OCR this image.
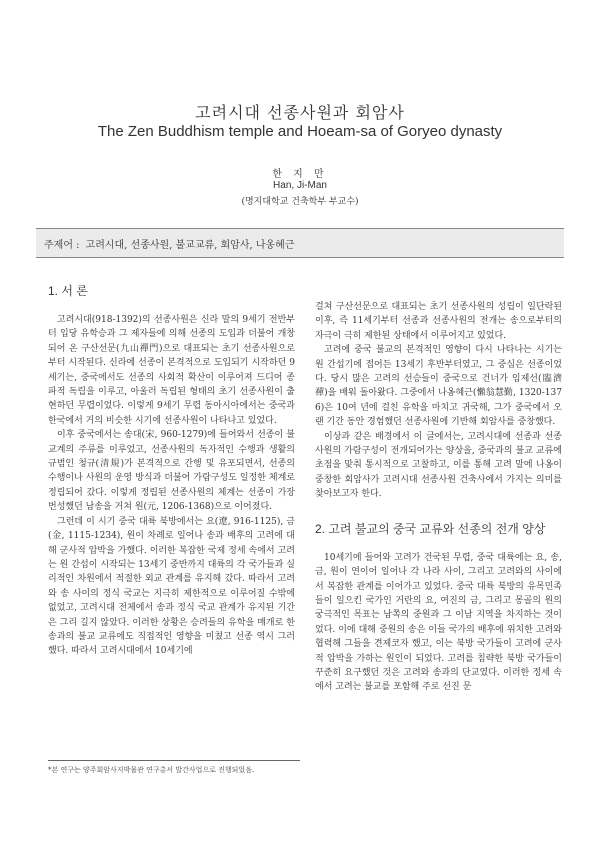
고려시대 선종사원과 회암사
The Zen Buddhism temple and Hoeam-sa of Goryeo dynasty
한 지 만
Han, Ji-Man
(명지대학교 건축학부 부교수)
주제어 : 고려시대, 선종사원, 불교교류, 회암사, 나옹혜근
1. 서 론

고려시대(918-1392)의 선종사원은 신라 말의 9세기 전반부터 입당 유학승과 그 제자들에 의해 선종의 도입과 더불어 개창되어 온 구산선문(九山禪門)으로 대표되는 초기 선종사원으로부터 시작된다. 신라에 선종이 본격적으로 도입되기 시작하던 9세기는, 중국에서도 선종의 사회적 확산이 이루어져 드디어 종파적 독립을 이루고, 아울러 독립된 형태의 초기 선종사원이 출현하던 무렵이었다. 이렇게 9세기 무렵 동아시아에서는 중국과 한국에서 거의 비슷한 시기에 선종사원이 나타나고 있었다.

이후 중국에서는 송대(宋, 960-1279)에 들어와서 선종이 불교계의 주류를 이루었고, 선종사원의 독자적인 수행과 생활의 규범인 청규(清規)가 본격적으로 간행 및 유포되면서, 선종의 수행이나 사원의 운영 방식과 더불어 가람구성도 일정한 체계로 정립되어 갔다. 이렇게 정립된 선종사원의 체계는 선종이 가장 번성했던 남송을 거쳐 원(元, 1206-1368)으로 이어졌다.

그런데 이 시기 중국 대륙 북방에서는 요(遼, 916-1125), 금(金, 1115-1234), 원이 차례로 일어나 송과 배후의 고려에 대해 군사적 압박을 가했다. 이러한 복잡한 국제 정세 속에서 고려는 원 간섭이 시작되는 13세기 중반까지 대륙의 각 국가들과 실리적인 차원에서 적절한 외교 관계를 유지해 갔다. 따라서 고려와 송 사이의 정식 국교는 지극히 제한적으로 이루어질 수밖에 없었고, 고려시대 전체에서 송과 정식 국교 관계가 유지된 기간은 그리 길지 않았다. 이러한 상황은 승려들의 유학을 매개로 한 송과의 불교 교류에도 직접적인 영향을 미쳤고 선종 역시 그러했다. 따라서 고려시대에서 10세기에

걸쳐 구산선문으로 대표되는 초기 선종사원의 성립이 일단락된 이후, 즉 11세기부터 선종과 선종사원의 전개는 송으로부터의 자극이 극히 제한된 상태에서 이루어지고 있었다.

고려에 중국 불교의 본격적인 영향이 다시 나타나는 시기는 원 간섭기에 접어든 13세기 후반부터였고, 그 중심은 선종이었다. 당시 많은 고려의 선승들이 중국으로 건너가 임제선(臨濟禪)을 배워 돌아왔다. 그중에서 나옹혜근(懶翁慧勤, 1320-1376)은 10여 년에 걸친 유학을 마치고 귀국해, 그가 중국에서 오랜 기간 동안 경험했던 선종사원에 기반해 회암사를 중창했다.

이상과 같은 배경에서 이 글에서는, 고려시대에 선종과 선종사원의 가람구성이 전개되어가는 양상을, 중국과의 불교 교류에 초점을 맞춰 통시적으로 고찰하고, 이를 통해 고려 말에 나옹이 중창한 회암사가 고려시대 선종사원 건축사에서 가지는 의미를 찾아보고자 한다.

2. 고려 불교의 중국 교류와 선종의 전개 양상

10세기에 들어와 고려가 건국된 무렵, 중국 대륙에는 요, 송, 금, 원이 연이어 일어나 각 나라 사이, 그리고 고려와의 사이에서 복잡한 관계를 이어가고 있었다. 중국 대륙 북방의 유목민족들이 일으킨 국가인 거란의 요, 여진의 금, 그리고 몽골의 원의 궁극적인 목표는 남쪽의 중원과 그 이남 지역을 차지하는 것이었다. 이에 대해 중원의 송은 이들 국가의 배후에 위치한 고려와 협력해 그들을 견제코자 했고, 이는 북방 국가들이 고려에 군사적 압박을 가하는 원인이 되었다. 고려를 침략한 북방 국가들이 꾸준히 요구했던 것은 고려와 송과의 단교였다. 이러한 정세 속에서 고려는 불교를 포함해 주로 선진 문

*본 연구는 양주회암사지박물관 연구총서 발간사업으로 진행되었음.
